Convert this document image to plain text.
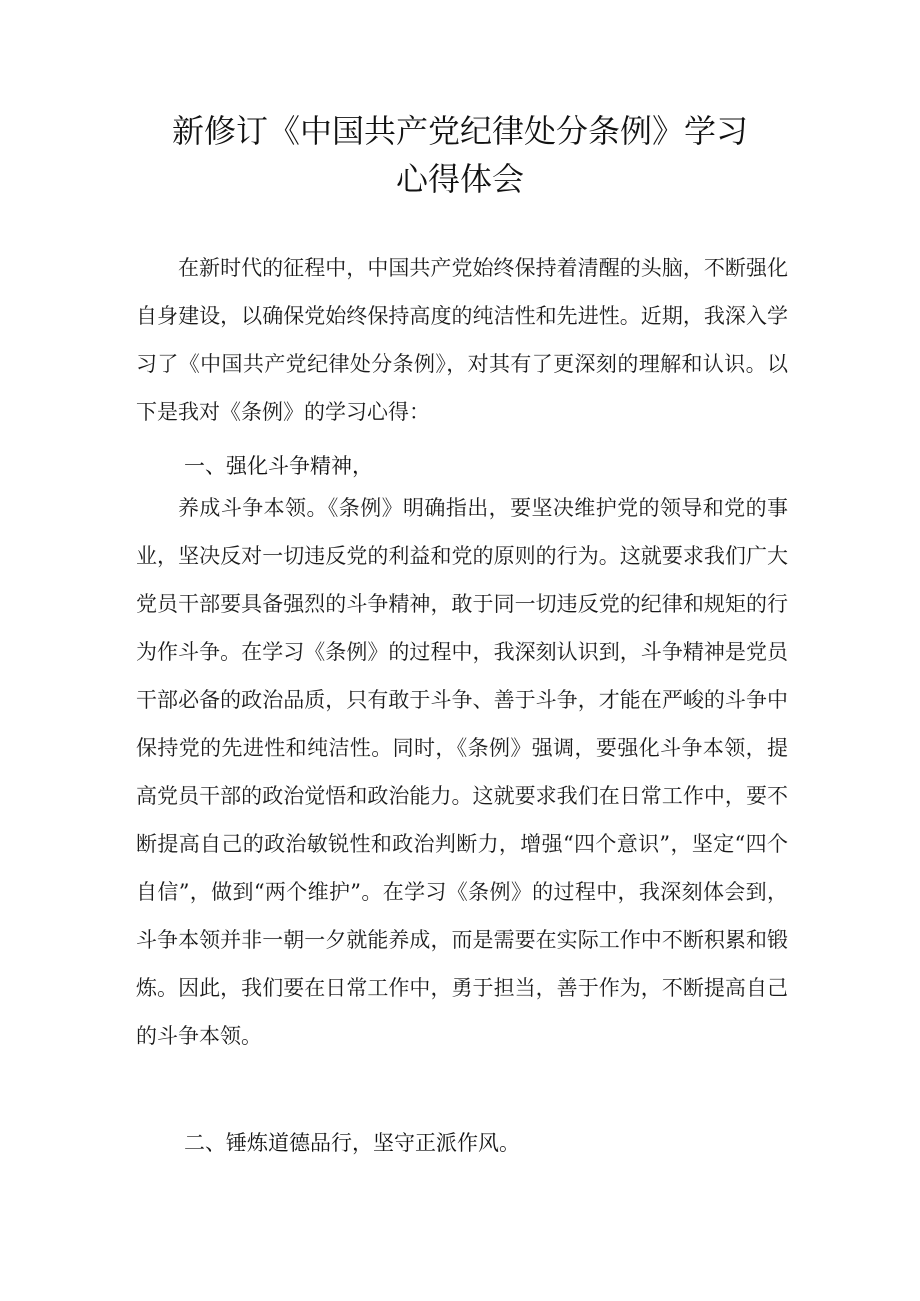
新修订《中国共产党纪律处分条例》学习
心得体会

在新时代的征程中，中国共产党始终保持着清醒的头脑，不断强化自身建设，以确保党始终保持高度的纯洁性和先进性。近期，我深入学习了《中国共产党纪律处分条例》，对其有了更深刻的理解和认识。以下是我对《条例》的学习心得：

一、强化斗争精神，

养成斗争本领。《条例》明确指出，要坚决维护党的领导和党的事业，坚决反对一切违反党的利益和党的原则的行为。这就要求我们广大党员干部要具备强烈的斗争精神，敢于同一切违反党的纪律和规矩的行为作斗争。在学习《条例》的过程中，我深刻认识到，斗争精神是党员干部必备的政治品质，只有敢于斗争、善于斗争，才能在严峻的斗争中保持党的先进性和纯洁性。同时，《条例》强调，要强化斗争本领，提高党员干部的政治觉悟和政治能力。这就要求我们在日常工作中，要不断提高自己的政治敏锐性和政治判断力，增强“四个意识”，坚定“四个自信”，做到“两个维护”。在学习《条例》的过程中，我深刻体会到，斗争本领并非一朝一夕就能养成，而是需要在实际工作中不断积累和锻炼。因此，我们要在日常工作中，勇于担当，善于作为，不断提高自己的斗争本领。

二、锤炼道德品行，坚守正派作风。
